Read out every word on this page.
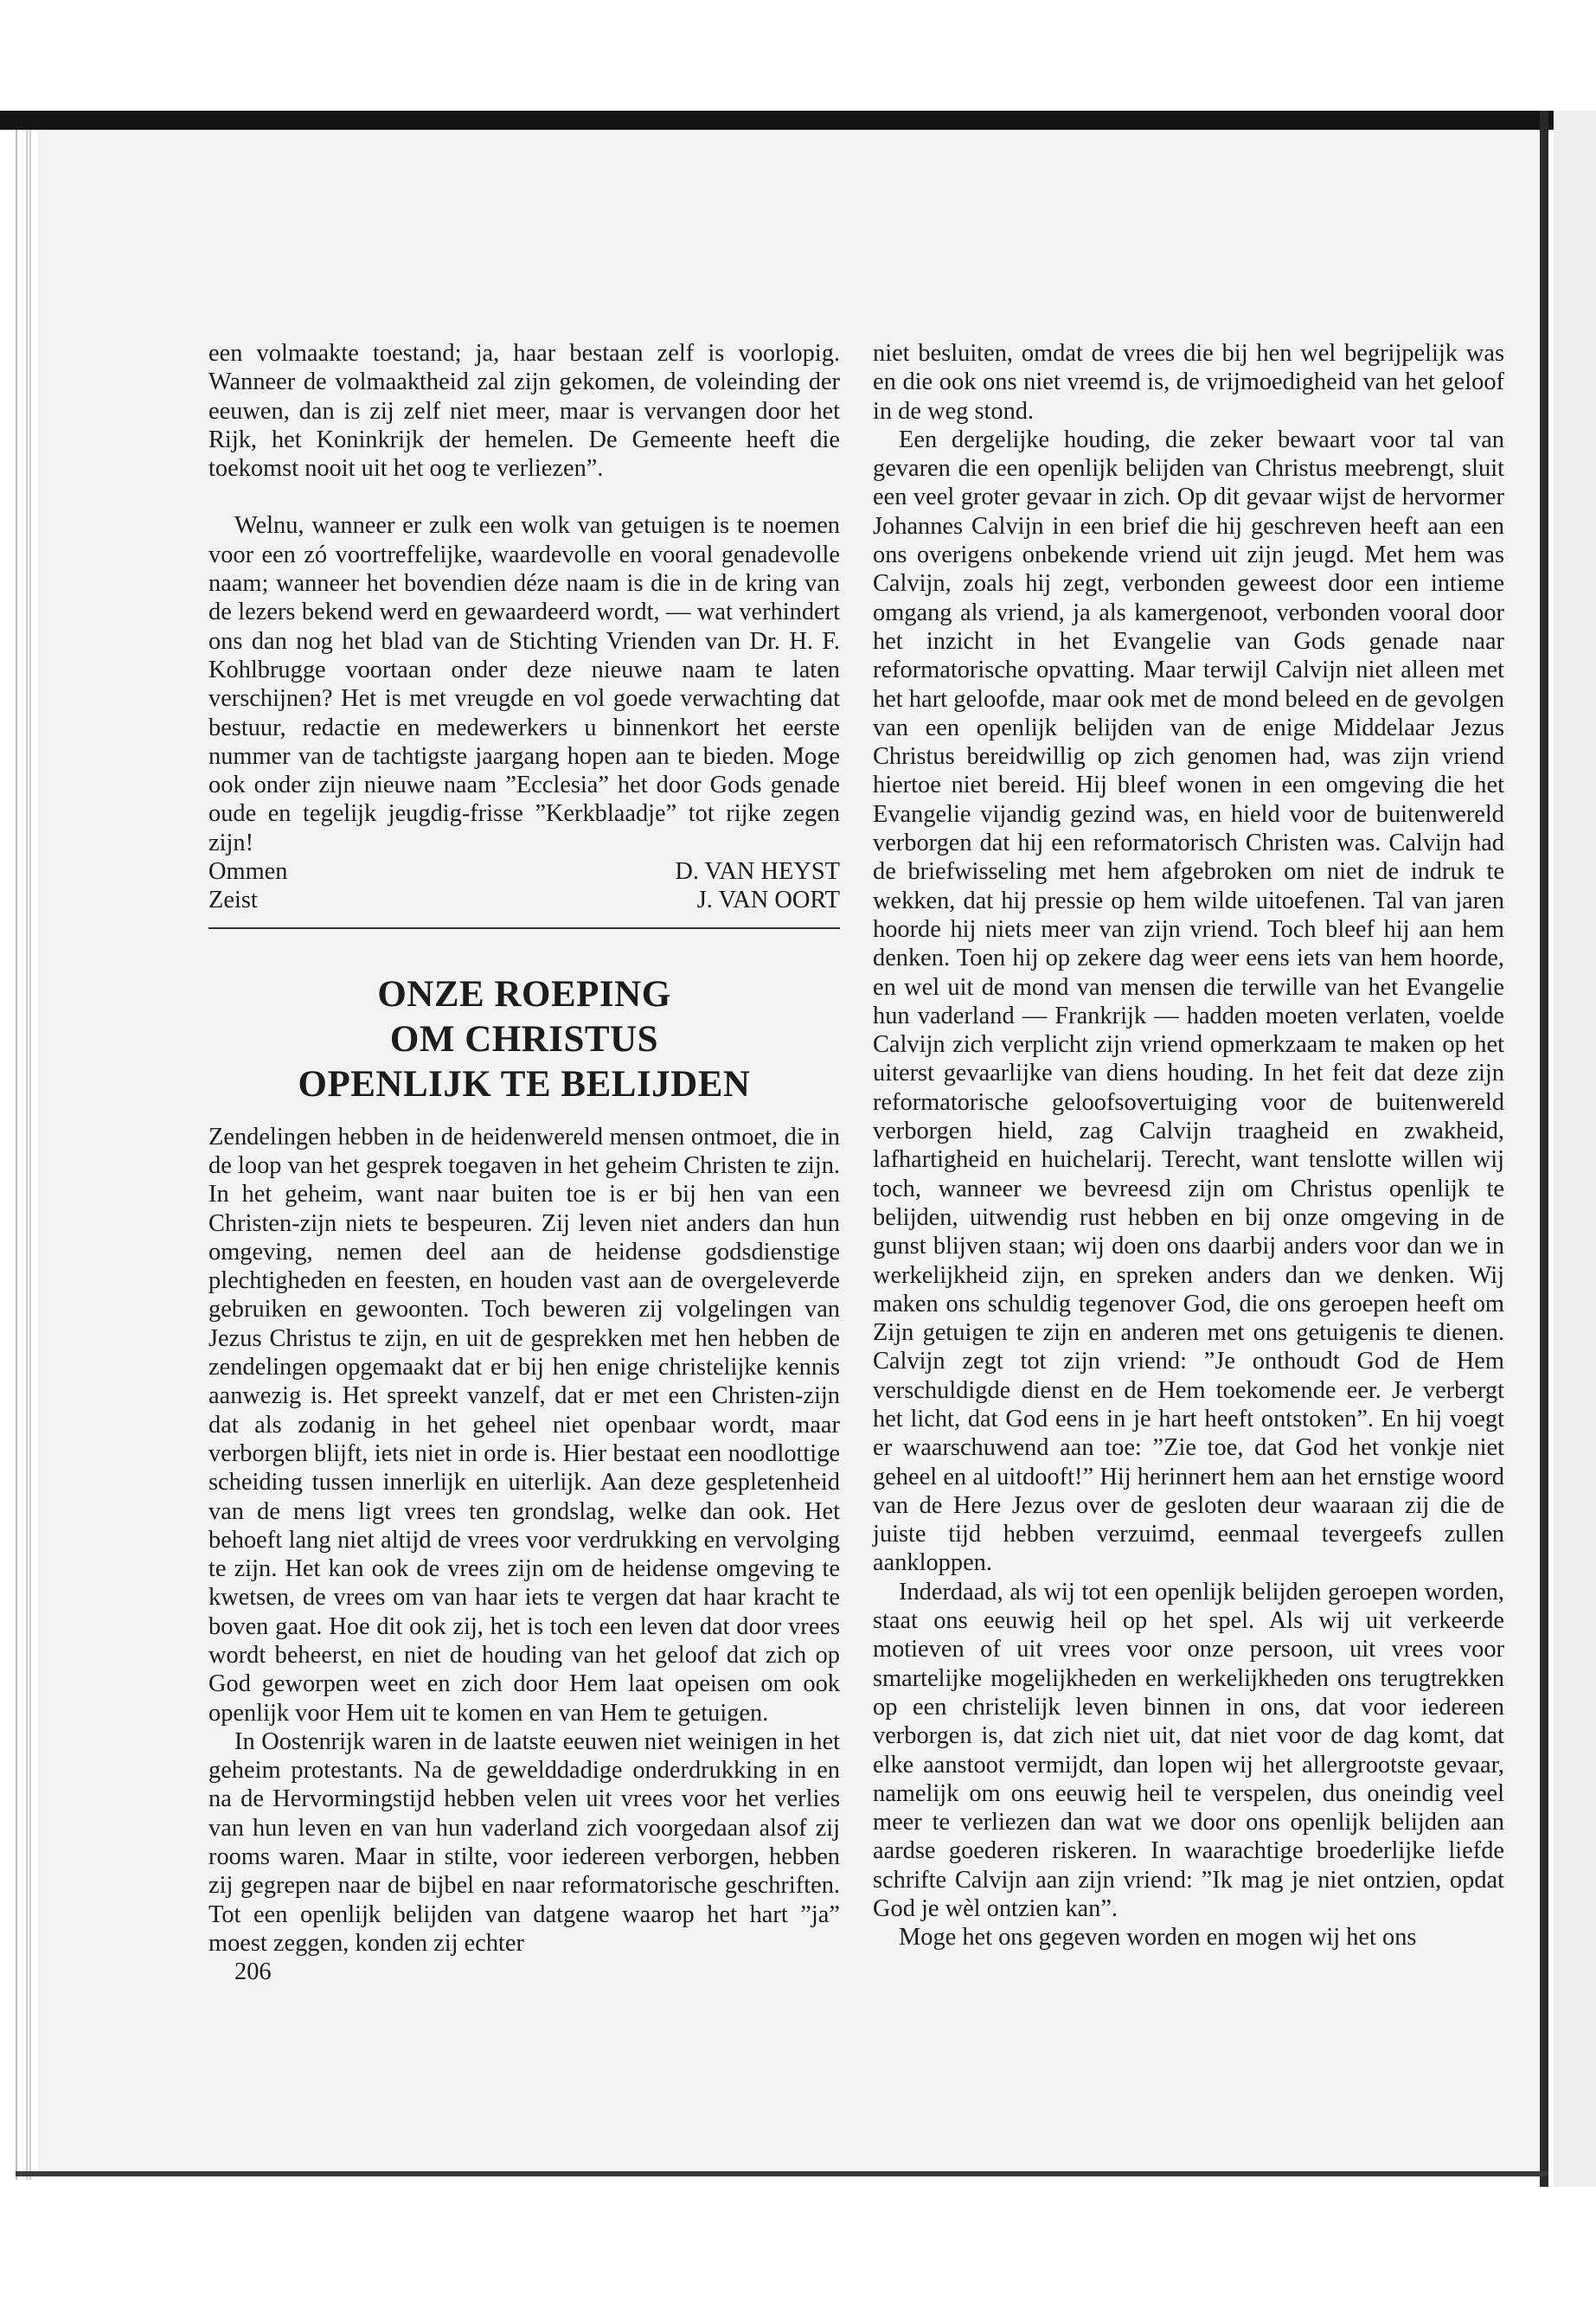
een volmaakte toestand; ja, haar bestaan zelf is voorlopig. Wanneer de volmaaktheid zal zijn gekomen, de voleinding der eeuwen, dan is zij zelf niet meer, maar is vervangen door het Rijk, het Koninkrijk der hemelen. De Gemeente heeft die toekomst nooit uit het oog te verliezen”.

Welnu, wanneer er zulk een wolk van getuigen is te noemen voor een zó voortreffelijke, waardevolle en vooral genadevolle naam; wanneer het bovendien déze naam is die in de kring van de lezers bekend werd en gewaardeerd wordt, — wat verhindert ons dan nog het blad van de Stichting Vrienden van Dr. H. F. Kohlbrugge voortaan onder deze nieuwe naam te laten verschijnen? Het is met vreugde en vol goede verwachting dat bestuur, redactie en medewerkers u binnenkort het eerste nummer van de tachtigste jaargang hopen aan te bieden. Moge ook onder zijn nieuwe naam ”Ecclesia” het door Gods genade oude en tegelijk jeugdig-frisse ”Kerkblaadje” tot rijke zegen zijn!

Ommen	D. VAN HEYST
Zeist	J. VAN OORT
ONZE ROEPING
OM CHRISTUS
OPENLIJK TE BELIJDEN

Zendelingen hebben in de heidenwereld mensen ontmoet, die in de loop van het gesprek toegaven in het geheim Christen te zijn. In het geheim, want naar buiten toe is er bij hen van een Christen-zijn niets te bespeuren. Zij leven niet anders dan hun omgeving, nemen deel aan de heidense godsdienstige plechtigheden en feesten, en houden vast aan de overgeleverde gebruiken en gewoonten. Toch beweren zij volgelingen van Jezus Christus te zijn, en uit de gesprekken met hen hebben de zendelingen opgemaakt dat er bij hen enige christelijke kennis aanwezig is. Het spreekt vanzelf, dat er met een Christen-zijn dat als zodanig in het geheel niet openbaar wordt, maar verborgen blijft, iets niet in orde is. Hier bestaat een noodlottige scheiding tussen innerlijk en uiterlijk. Aan deze gespletenheid van de mens ligt vrees ten grondslag, welke dan ook. Het behoeft lang niet altijd de vrees voor verdrukking en vervolging te zijn. Het kan ook de vrees zijn om de heidense omgeving te kwetsen, de vrees om van haar iets te vergen dat haar kracht te boven gaat. Hoe dit ook zij, het is toch een leven dat door vrees wordt beheerst, en niet de houding van het geloof dat zich op God geworpen weet en zich door Hem laat opeisen om ook openlijk voor Hem uit te komen en van Hem te getuigen.

In Oostenrijk waren in de laatste eeuwen niet weinigen in het geheim protestants. Na de gewelddadige onderdrukking in en na de Hervormingstijd hebben velen uit vrees voor het verlies van hun leven en van hun vaderland zich voorgedaan alsof zij rooms waren. Maar in stilte, voor iedereen verborgen, hebben zij gegrepen naar de bijbel en naar reformatorische geschriften. Tot een openlijk belijden van datgene waarop het hart ”ja” moest zeggen, konden zij echter

206

niet besluiten, omdat de vrees die bij hen wel begrijpelijk was en die ook ons niet vreemd is, de vrijmoedigheid van het geloof in de weg stond.

Een dergelijke houding, die zeker bewaart voor tal van gevaren die een openlijk belijden van Christus meebrengt, sluit een veel groter gevaar in zich. Op dit gevaar wijst de hervormer Johannes Calvijn in een brief die hij geschreven heeft aan een ons overigens onbekende vriend uit zijn jeugd. Met hem was Calvijn, zoals hij zegt, verbonden geweest door een intieme omgang als vriend, ja als kamergenoot, verbonden vooral door het inzicht in het Evangelie van Gods genade naar reformatorische opvatting. Maar terwijl Calvijn niet alleen met het hart geloofde, maar ook met de mond beleed en de gevolgen van een openlijk belijden van de enige Middelaar Jezus Christus bereidwillig op zich genomen had, was zijn vriend hiertoe niet bereid. Hij bleef wonen in een omgeving die het Evangelie vijandig gezind was, en hield voor de buitenwereld verborgen dat hij een reformatorisch Christen was. Calvijn had de briefwisseling met hem afgebroken om niet de indruk te wekken, dat hij pressie op hem wilde uitoefenen. Tal van jaren hoorde hij niets meer van zijn vriend. Toch bleef hij aan hem denken. Toen hij op zekere dag weer eens iets van hem hoorde, en wel uit de mond van mensen die terwille van het Evangelie hun vaderland — Frankrijk — hadden moeten verlaten, voelde Calvijn zich verplicht zijn vriend opmerkzaam te maken op het uiterst gevaarlijke van diens houding. In het feit dat deze zijn reformatorische geloofsovertuiging voor de buitenwereld verborgen hield, zag Calvijn traagheid en zwakheid, lafhartigheid en huichelarij. Terecht, want tenslotte willen wij toch, wanneer we bevreesd zijn om Christus openlijk te belijden, uitwendig rust hebben en bij onze omgeving in de gunst blijven staan; wij doen ons daarbij anders voor dan we in werkelijkheid zijn, en spreken anders dan we denken. Wij maken ons schuldig tegenover God, die ons geroepen heeft om Zijn getuigen te zijn en anderen met ons getuigenis te dienen. Calvijn zegt tot zijn vriend: ”Je onthoudt God de Hem verschuldigde dienst en de Hem toekomende eer. Je verbergt het licht, dat God eens in je hart heeft ontstoken”. En hij voegt er waarschuwend aan toe: ”Zie toe, dat God het vonkje niet geheel en al uitdooft!” Hij herinnert hem aan het ernstige woord van de Here Jezus over de gesloten deur waaraan zij die de juiste tijd hebben verzuimd, eenmaal tevergeefs zullen aankloppen.

Inderdaad, als wij tot een openlijk belijden geroepen worden, staat ons eeuwig heil op het spel. Als wij uit verkeerde motieven of uit vrees voor onze persoon, uit vrees voor smartelijke mogelijkheden en werkelijkheden ons terugtrekken op een christelijk leven binnen in ons, dat voor iedereen verborgen is, dat zich niet uit, dat niet voor de dag komt, dat elke aanstoot vermijdt, dan lopen wij het allergrootste gevaar, namelijk om ons eeuwig heil te verspelen, dus oneindig veel meer te verliezen dan wat we door ons openlijk belijden aan aardse goederen riskeren. In waarachtige broederlijke liefde schrifte Calvijn aan zijn vriend: ”Ik mag je niet ontzien, opdat God je wèl ontzien kan”.

Moge het ons gegeven worden en mogen wij het ons
